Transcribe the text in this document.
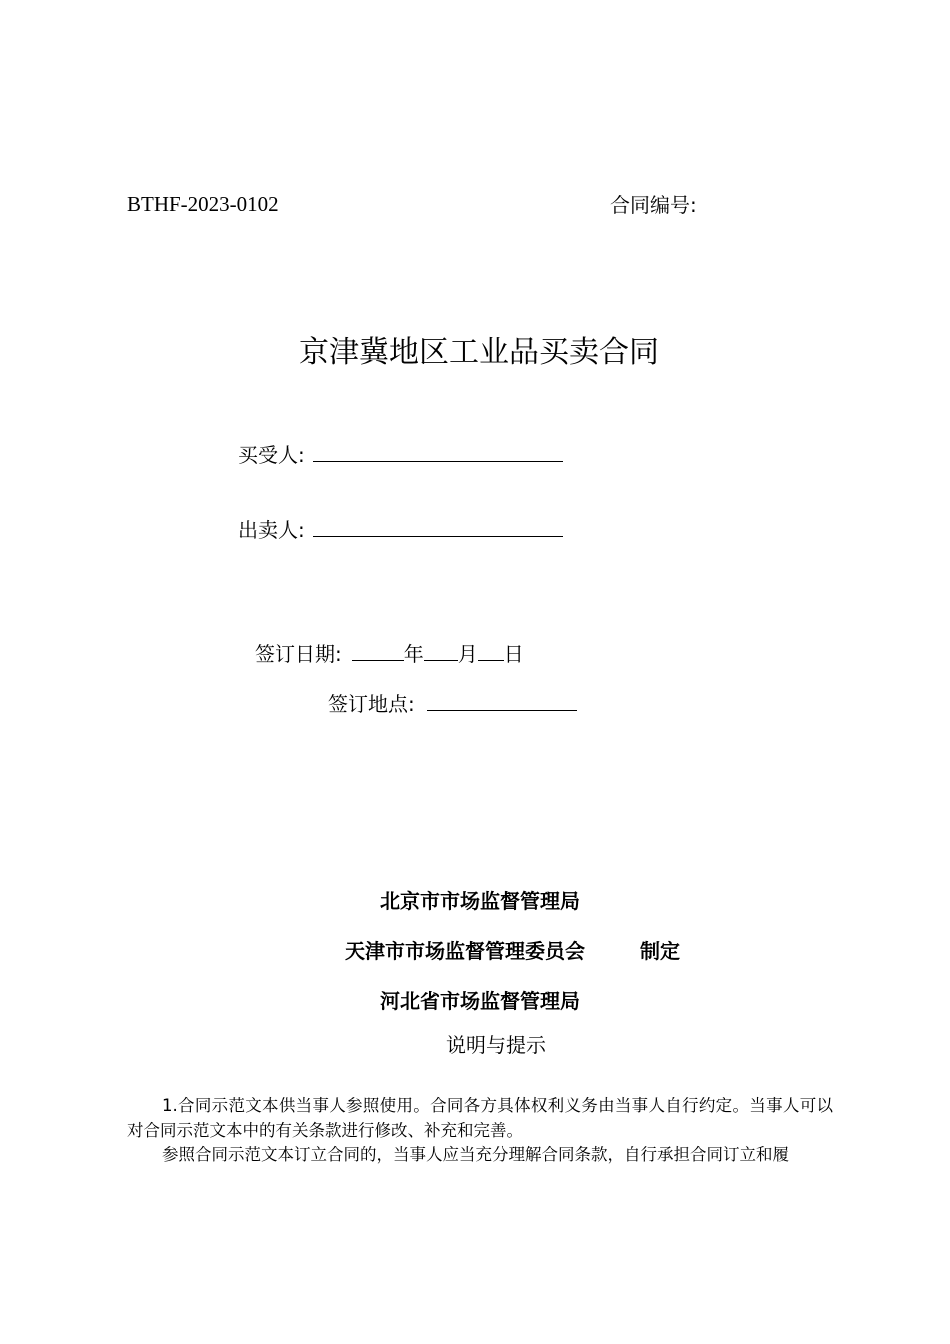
BTHF-2023-0102	合同编号:
京津冀地区工业品买卖合同
买受人:
出卖人:
签订日期:	年 月 日
签订地点:
北京市市场监督管理局
天津市市场监督管理委员会	制定
河北省市场监督管理局
说明与提示

1.合同示范文本供当事人参照使用。合同各方具体权利义务由当事人自行约定。当事人可以对合同示范文本中的有关条款进行修改、补充和完善。

参照合同示范文本订立合同的，当事人应当充分理解合同条款，自行承担合同订立和履
